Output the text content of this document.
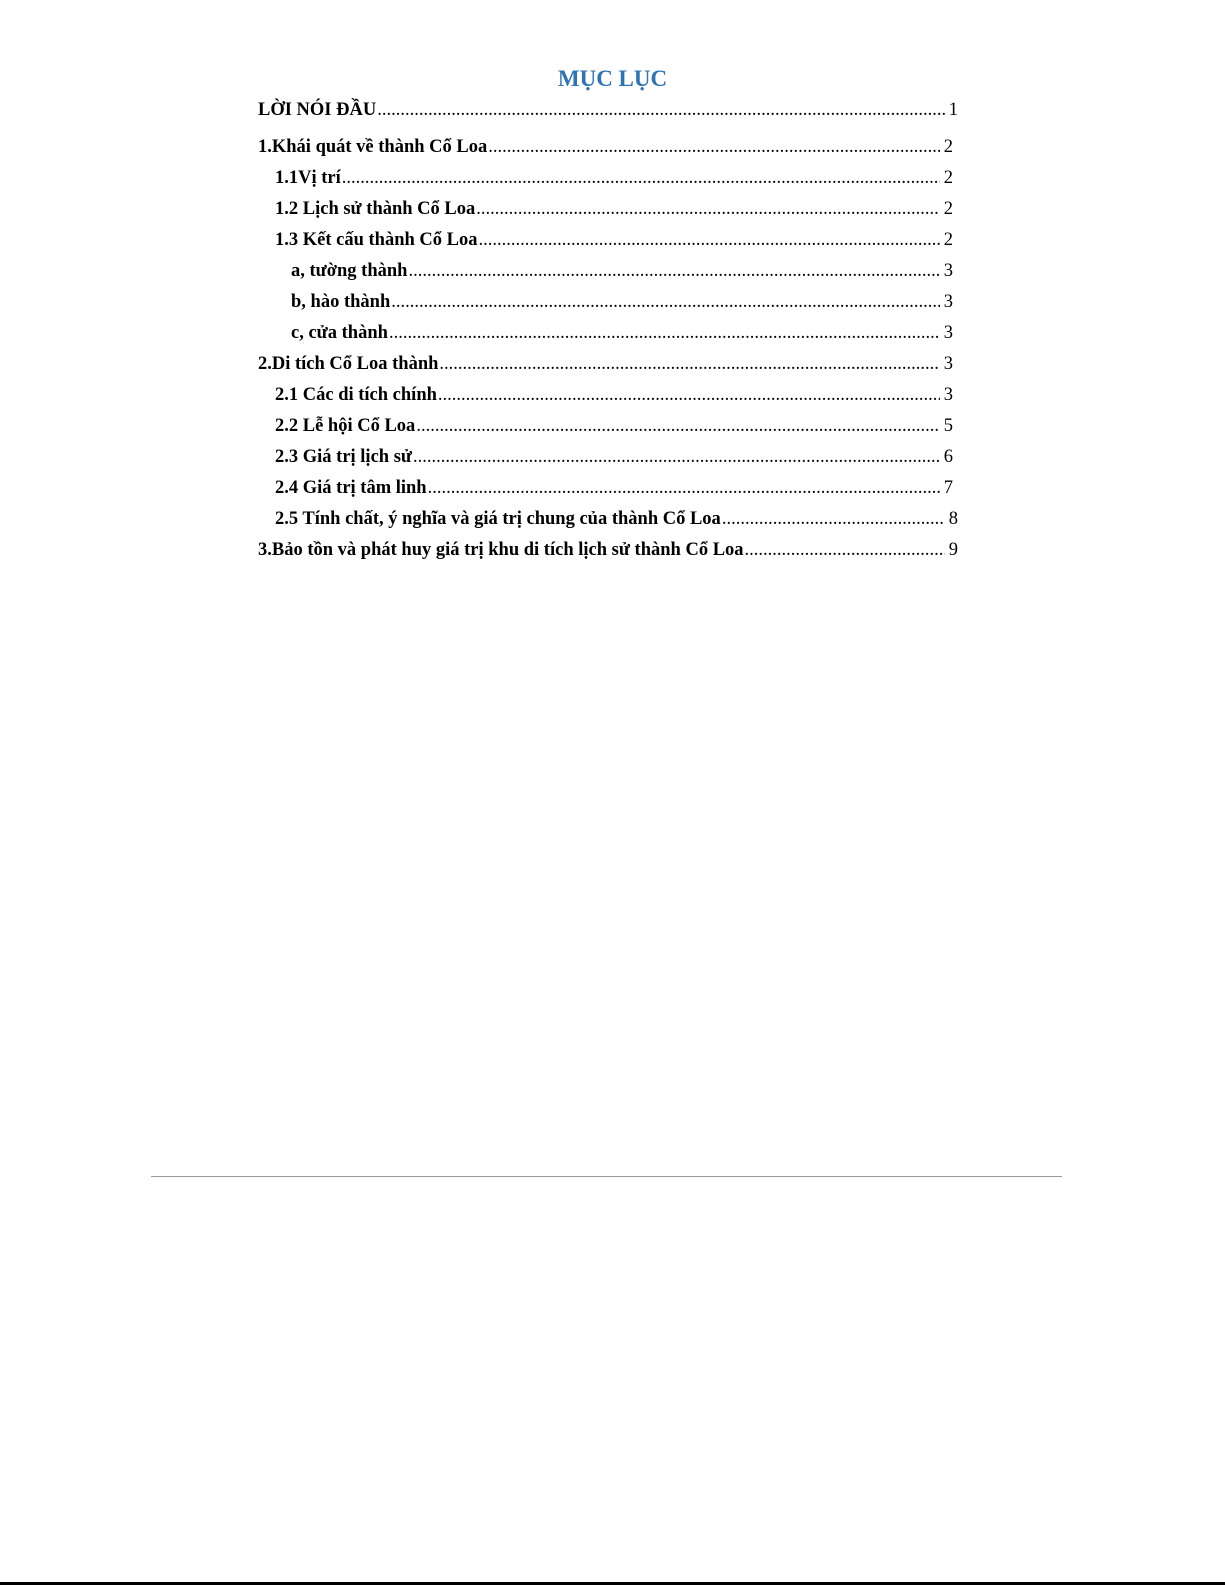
MỤC LỤC
LỜI NÓI ĐẦU .....	1
1.Khái quát về thành Cổ Loa .....	2
1.1Vị trí .....	2
1.2 Lịch sử thành Cổ Loa .....	2
1.3 Kết cấu thành Cổ Loa .....	2
a, tường thành .....	3
b, hào thành .....	3
c, cửa thành .....	3
2.Di tích Cổ Loa thành .....	3
2.1 Các di tích chính .....	3
2.2 Lễ hội Cổ Loa .....	5
2.3 Giá trị lịch sử .....	6
2.4 Giá trị tâm linh .....	7
2.5 Tính chất, ý nghĩa và giá trị chung của thành Cổ Loa .....	8
3.Bảo tồn và phát huy giá trị khu di tích lịch sử thành Cổ Loa .....	9
